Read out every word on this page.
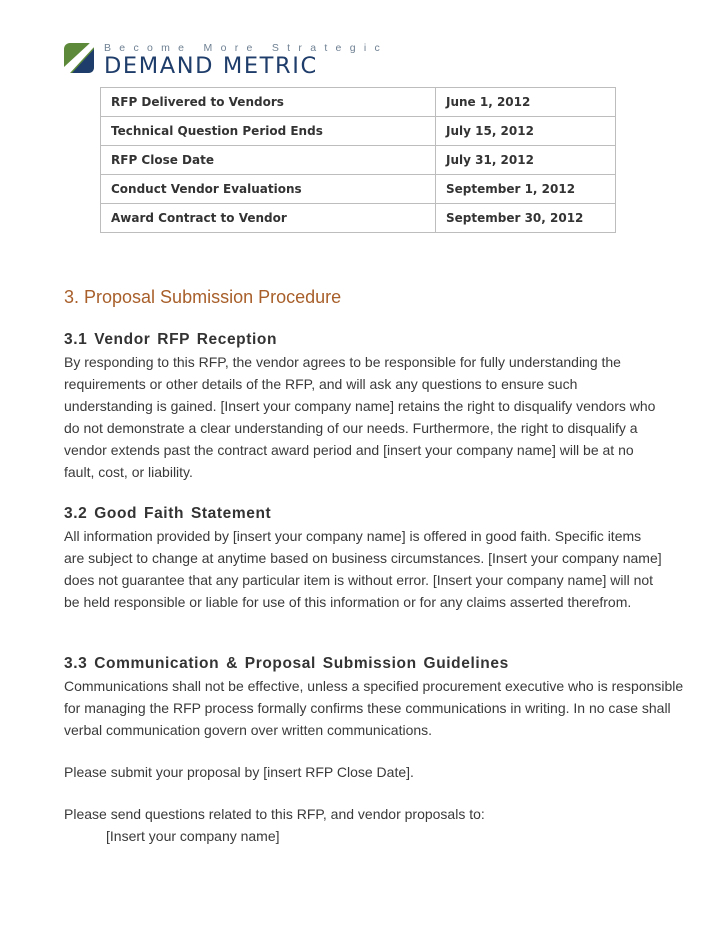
Become More Strategic
DEMAND METRIC
RFP Delivered to Vendors	June 1, 2012
Technical Question Period Ends	July 15, 2012
RFP Close Date	July 31, 2012
Conduct Vendor Evaluations	September 1, 2012
Award Contract to Vendor	September 30, 2012
3. Proposal Submission Procedure
3.1 Vendor RFP Reception

By responding to this RFP, the vendor agrees to be responsible for fully understanding the requirements or other details of the RFP, and will ask any questions to ensure such understanding is gained. [Insert your company name] retains the right to disqualify vendors who do not demonstrate a clear understanding of our needs. Furthermore, the right to disqualify a vendor extends past the contract award period and [insert your company name] will be at no fault, cost, or liability.

3.2 Good Faith Statement

All information provided by [insert your company name] is offered in good faith. Specific items are subject to change at anytime based on business circumstances. [Insert your company name] does not guarantee that any particular item is without error. [Insert your company name] will not be held responsible or liable for use of this information or for any claims asserted therefrom.

3.3 Communication & Proposal Submission Guidelines

Communications shall not be effective, unless a specified procurement executive who is responsible for managing the RFP process formally confirms these communications in writing. In no case shall verbal communication govern over written communications.

Please submit your proposal by [insert RFP Close Date].
Please send questions related to this RFP, and vendor proposals to:
[Insert your company name]
